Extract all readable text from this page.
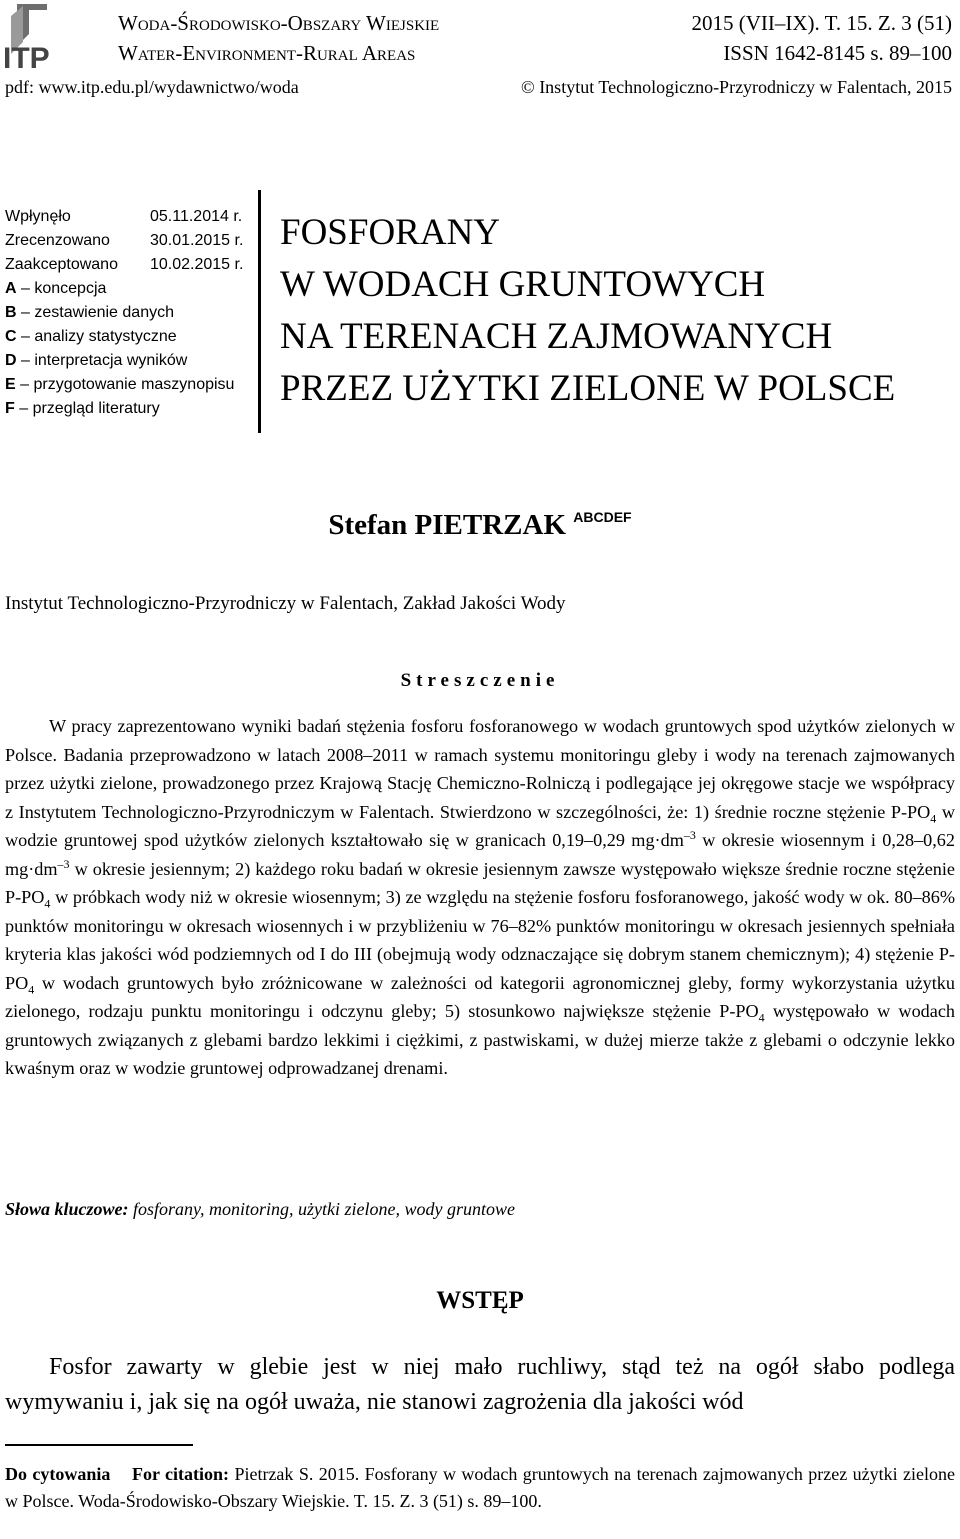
ITP
Woda-Środowisko-Obszary Wiejskie
Water-Environment-Rural Areas
2015 (VII–IX). T. 15. Z. 3 (51)
ISSN 1642-8145 s. 89–100
pdf: www.itp.edu.pl/wydawnictwo/woda	© Instytut Technologiczno-Przyrodniczy w Falentach, 2015
Wpłynęło	05.11.2014 r.
Zrecenzowano	30.01.2015 r.
Zaakceptowano	10.02.2015 r.
A – koncepcja
B – zestawienie danych
C – analizy statystyczne
D – interpretacja wyników
E – przygotowanie maszynopisu
F – przegląd literatury
FOSFORANY
W WODACH GRUNTOWYCH
NA TERENACH ZAJMOWANYCH
PRZEZ UŻYTKI ZIELONE W POLSCE
Stefan PIETRZAK $^{ABCDEF}$
Instytut Technologiczno-Przyrodniczy w Falentach, Zakład Jakości Wody
Streszczenie
W pracy zaprezentowano wyniki badań stężenia fosforu fosforanowego w wodach gruntowych spod użytków zielonych w Polsce. Badania przeprowadzono w latach 2008–2011 w ramach systemu monitoringu gleby i wody na terenach zajmowanych przez użytki zielone, prowadzonego przez Krajową Stację Chemiczno-Rolniczą i podlegające jej okręgowe stacje we współpracy z Instytutem Technologiczno-Przyrodniczym w Falentach. Stwierdzono w szczególności, że: 1) średnie roczne stężenie $P-PO_4$ w wodzie gruntowej spod użytków zielonych kształtowało się w granicach 0,19–0,29 $mg\cdot dm^{-3}$ w okresie wiosennym i 0,28–0,62 $mg\cdot dm^{-3}$ w okresie jesiennym; 2) każdego roku badań w okresie jesiennym zawsze występowało większe średnie roczne stężenie $P-PO_4$ w próbkach wody niż w okresie wiosennym; 3) ze względu na stężenie fosforu fosforanowego, jakość wody w ok. 80–86% punktów monitoringu w okresach wiosennych i w przybliżeniu w 76–82% punktów monitoringu w okresach jesiennych spełniała kryteria klas jakości wód podziemnych od I do III (obejmują wody odznaczające się dobrym stanem chemicznym); 4) stężenie $P-PO_4$ w wodach gruntowych było zróżnicowane w zależności od kategorii agronomicznej gleby, formy wykorzystania użytku zielonego, rodzaju punktu monitoringu i odczynu gleby; 5) stosunkowo największe stężenie $P-PO_4$ występowało w wodach gruntowych związanych z glebami bardzo lekkimi i ciężkimi, z pastwiskami, w dużej mierze także z glebami o odczynie lekko kwaśnym oraz w wodzie gruntowej odprowadzanej drenami.
Słowa kluczowe: fosforany, monitoring, użytki zielone, wody gruntowe
WSTĘP
Fosfor zawarty w glebie jest w niej mało ruchliwy, stąd też na ogół słabo podlega wymywaniu i, jak się na ogół uważa, nie stanowi zagrożenia dla jakości wód
Do cytowania    For citation: Pietrzak S. 2015. Fosforany w wodach gruntowych na terenach zajmowanych przez użytki zielone w Polsce. Woda-Środowisko-Obszary Wiejskie. T. 15. Z. 3 (51) s. 89–100.
